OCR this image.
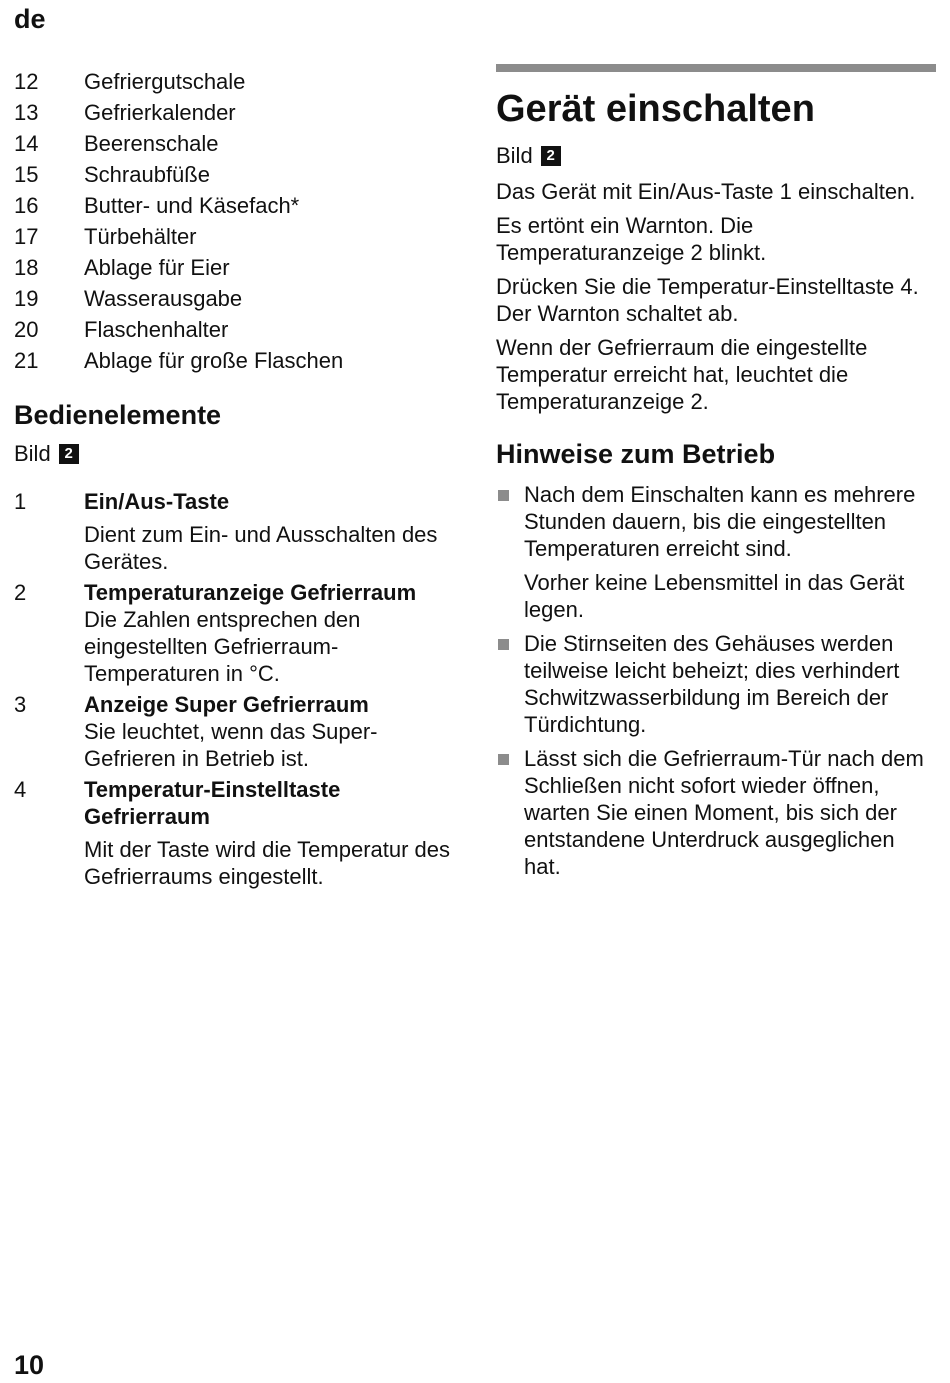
de
12 Gefriergutschale
13 Gefrierkalender
14 Beerenschale
15 Schraubfüße
16 Butter- und Käsefach*
17 Türbehälter
18 Ablage für Eier
19 Wasserausgabe
20 Flaschenhalter
21 Ablage für große Flaschen
Bedienelemente
Bild 2
1	Ein/Aus-Taste
Dient zum Ein- und Ausschalten des Gerätes.
2	Temperaturanzeige Gefrierraum
Die Zahlen entsprechen den eingestellten Gefrierraum-Temperaturen in °C.
3	Anzeige Super Gefrierraum
Sie leuchtet, wenn das Super-Gefrieren in Betrieb ist.
4	Temperatur-Einstelltaste Gefrierraum
Mit der Taste wird die Temperatur des Gefrierraums eingestellt.
Gerät einschalten
Bild 2

Das Gerät mit Ein/Aus-Taste 1 einschalten.

Es ertönt ein Warnton. Die Temperaturanzeige 2 blinkt.

Drücken Sie die Temperatur-Einstelltaste 4. Der Warnton schaltet ab.

Wenn der Gefrierraum die eingestellte Temperatur erreicht hat, leuchtet die Temperaturanzeige 2.

Hinweise zum Betrieb

Nach dem Einschalten kann es mehrere Stunden dauern, bis die eingestellten Temperaturen erreicht sind.

Vorher keine Lebensmittel in das Gerät legen.

Die Stirnseiten des Gehäuses werden teilweise leicht beheizt; dies verhindert Schwitzwasserbildung im Bereich der Türdichtung.

Lässt sich die Gefrierraum-Tür nach dem Schließen nicht sofort wieder öffnen, warten Sie einen Moment, bis sich der entstandene Unterdruck ausgeglichen hat.

10
